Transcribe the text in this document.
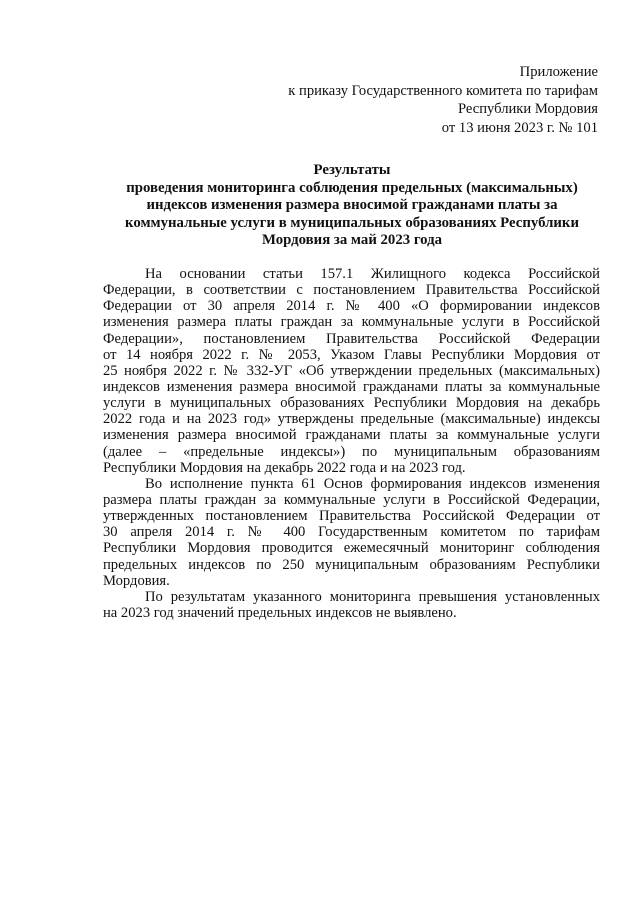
Приложение
к приказу Государственного комитета по тарифам
Республики Мордовия
от 13 июня 2023 г. № 101
Результаты
проведения мониторинга соблюдения предельных (максимальных)
индексов изменения размера вносимой гражданами платы за
коммунальные услуги в муниципальных образованиях Республики
Мордовия за май 2023 года
На основании статьи 157.1 Жилищного кодекса Российской
Федерации, в соответствии с постановлением Правительства Российской
Федерации от 30 апреля 2014 г. № 400 «О формировании индексов
изменения размера платы граждан за коммунальные услуги в Российской
Федерации», постановлением Правительства Российской Федерации
от 14 ноября 2022 г. № 2053, Указом Главы Республики Мордовия от
25 ноября 2022 г. № 332-УГ «Об утверждении предельных (максимальных)
индексов изменения размера вносимой гражданами платы за коммунальные
услуги в муниципальных образованиях Республики Мордовия на декабрь
2022 года и на 2023 год» утверждены предельные (максимальные) индексы
изменения размера вносимой гражданами платы за коммунальные услуги
(далее – «предельные индексы») по муниципальным образованиям
Республики Мордовия на декабрь 2022 года и на 2023 год.
Во исполнение пункта 61 Основ формирования индексов изменения
размера платы граждан за коммунальные услуги в Российской Федерации,
утвержденных постановлением Правительства Российской Федерации от
30 апреля 2014 г. № 400 Государственным комитетом по тарифам
Республики Мордовия проводится ежемесячный мониторинг соблюдения
предельных индексов по 250 муниципальным образованиям Республики
Мордовия.
По результатам указанного мониторинга превышения установленных
на 2023 год значений предельных индексов не выявлено.
